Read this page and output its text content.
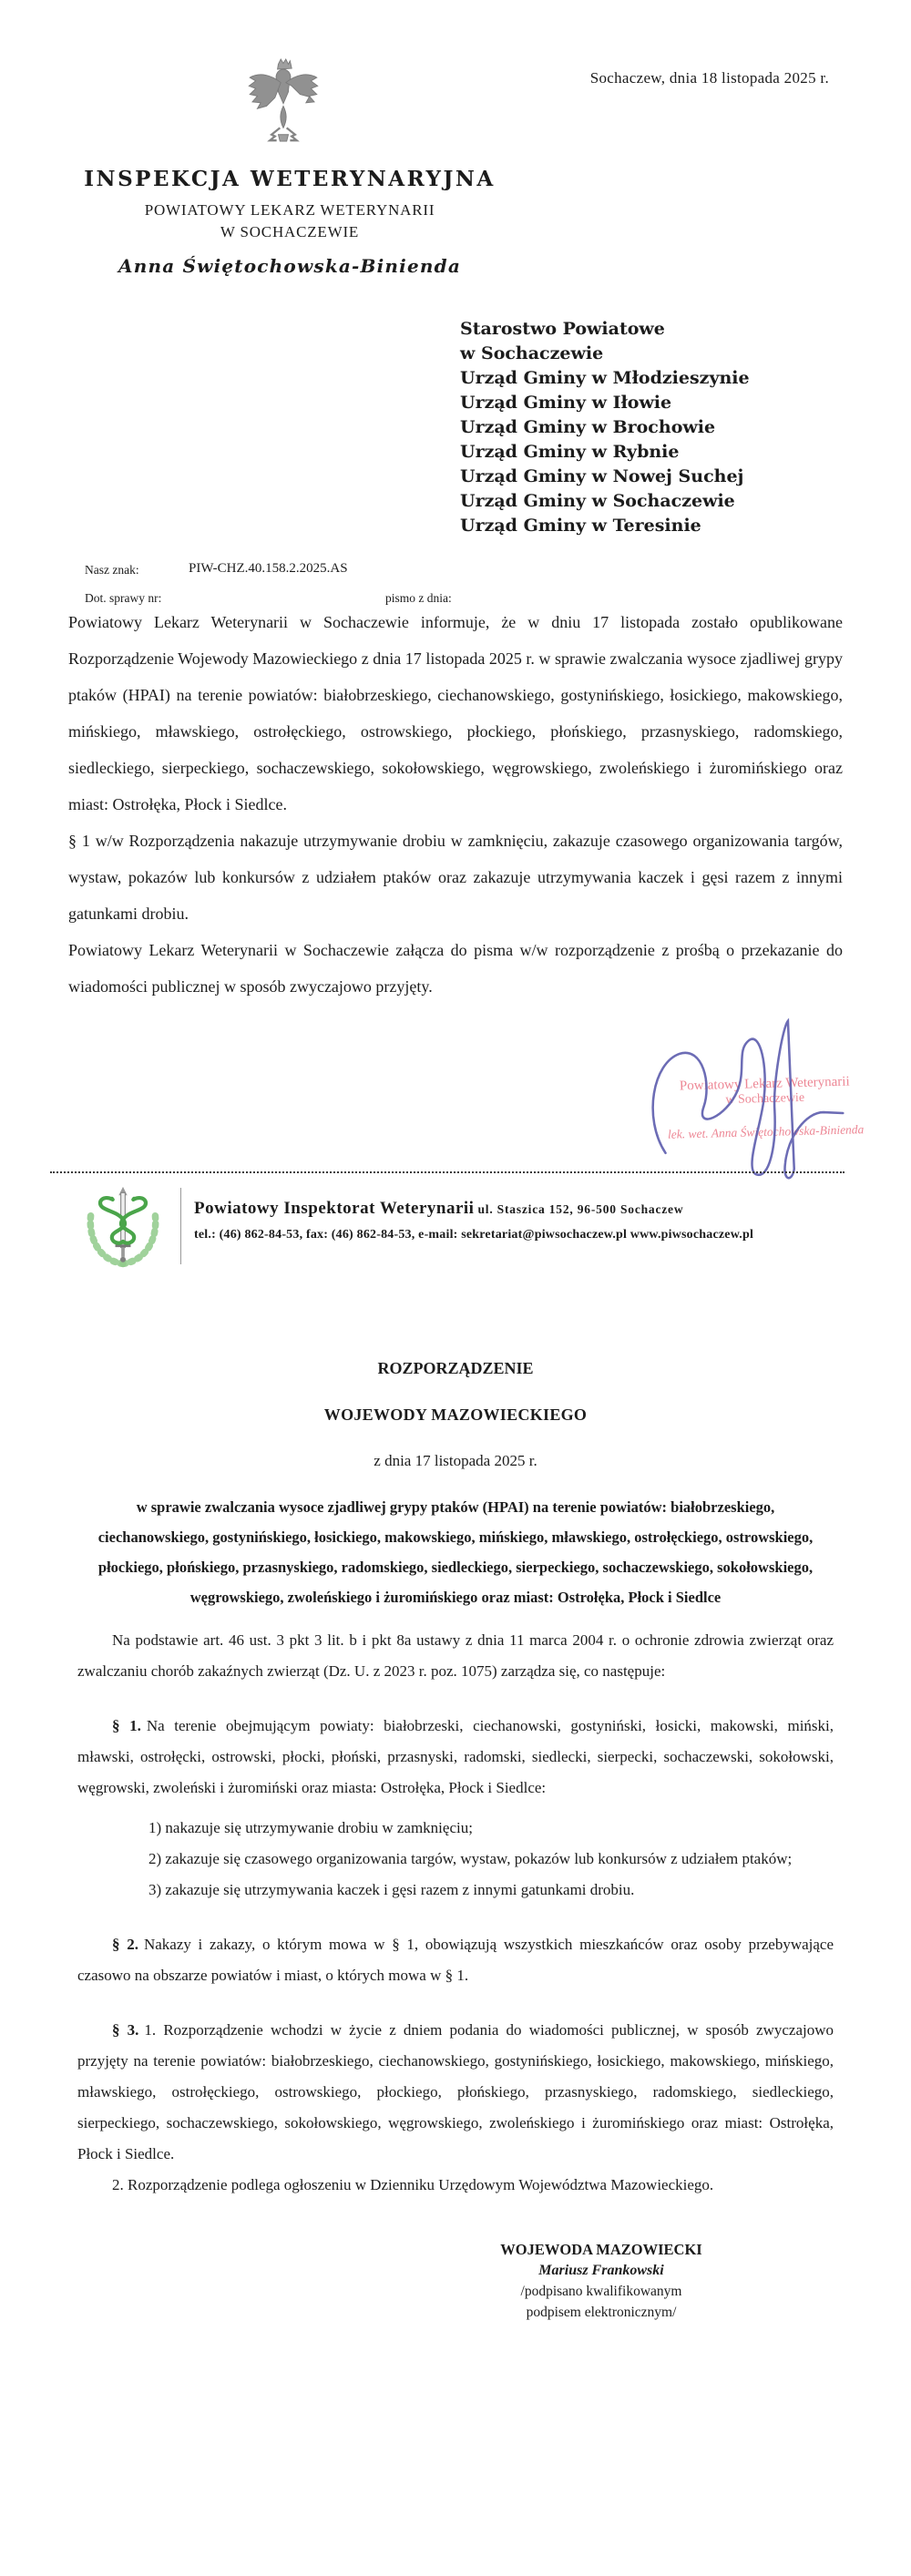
Sochaczew, dnia 18 listopada 2025 r.
INSPEKCJA WETERYNARYJNA
POWIATOWY LEKARZ WETERYNARII
W SOCHACZEWIE
Anna Świętochowska-Binienda
Starostwo Powiatowe
w Sochaczewie
Urząd Gminy w Młodzieszynie
Urząd Gminy w Iłowie
Urząd Gminy w Brochowie
Urząd Gminy w Rybnie
Urząd Gminy w Nowej Suchej
Urząd Gminy w Sochaczewie
Urząd Gminy w Teresinie
Nasz znak:	PIW-CHZ.40.158.2.2025.AS
Dot. sprawy nr:	pismo z dnia:

Powiatowy Lekarz Weterynarii w Sochaczewie informuje, że w dniu 17 listopada zostało opublikowane Rozporządzenie Wojewody Mazowieckiego z dnia 17 listopada 2025 r. w sprawie zwalczania wysoce zjadliwej grypy ptaków (HPAI) na terenie powiatów: białobrzeskiego, ciechanowskiego, gostynińskiego, łosickiego, makowskiego, mińskiego, mławskiego, ostrołęckiego, ostrowskiego, płockiego, płońskiego, przasnyskiego, radomskiego, siedleckiego, sierpeckiego, sochaczewskiego, sokołowskiego, węgrowskiego, zwoleńskiego i żuromińskiego oraz miast: Ostrołęka, Płock i Siedlce.

§ 1 w/w Rozporządzenia nakazuje utrzymywanie drobiu w zamknięciu, zakazuje czasowego organizowania targów, wystaw, pokazów lub konkursów z udziałem ptaków oraz zakazuje utrzymywania kaczek i gęsi razem z innymi gatunkami drobiu.

Powiatowy Lekarz Weterynarii w Sochaczewie załącza do pisma w/w rozporządzenie z prośbą o przekazanie do wiadomości publicznej w sposób zwyczajowo przyjęty.

Powiatowy Lekarz Weterynarii
w Sochaczewie
lek. wet. Anna Świętochowska-Binienda
Powiatowy Inspektorat Weterynarii ul. Staszica 152, 96-500 Sochaczew
tel.: (46) 862-84-53, fax: (46) 862-84-53, e-mail: sekretariat@piwsochaczew.pl www.piwsochaczew.pl

ROZPORZĄDZENIE

WOJEWODY MAZOWIECKIEGO

z dnia 17 listopada 2025 r.

w sprawie zwalczania wysoce zjadliwej grypy ptaków (HPAI) na terenie powiatów: białobrzeskiego, ciechanowskiego, gostynińskiego, łosickiego, makowskiego, mińskiego, mławskiego, ostrołęckiego, ostrowskiego, płockiego, płońskiego, przasnyskiego, radomskiego, siedleckiego, sierpeckiego, sochaczewskiego, sokołowskiego, węgrowskiego, zwoleńskiego i żuromińskiego oraz miast: Ostrołęka, Płock i Siedlce

Na podstawie art. 46 ust. 3 pkt 3 lit. b i pkt 8a ustawy z dnia 11 marca 2004 r. o ochronie zdrowia zwierząt oraz zwalczaniu chorób zakaźnych zwierząt (Dz. U. z 2023 r. poz. 1075) zarządza się, co następuje:

§ 1. Na terenie obejmującym powiaty: białobrzeski, ciechanowski, gostyniński, łosicki, makowski, miński, mławski, ostrołęcki, ostrowski, płocki, płoński, przasnyski, radomski, siedlecki, sierpecki, sochaczewski, sokołowski, węgrowski, zwoleński i żuromiński oraz miasta: Ostrołęka, Płock i Siedlce:

1) nakazuje się utrzymywanie drobiu w zamknięciu;

2) zakazuje się czasowego organizowania targów, wystaw, pokazów lub konkursów z udziałem ptaków;

3) zakazuje się utrzymywania kaczek i gęsi razem z innymi gatunkami drobiu.

§ 2. Nakazy i zakazy, o którym mowa w § 1, obowiązują wszystkich mieszkańców oraz osoby przebywające czasowo na obszarze powiatów i miast, o których mowa w § 1.

§ 3. 1. Rozporządzenie wchodzi w życie z dniem podania do wiadomości publicznej, w sposób zwyczajowo przyjęty na terenie powiatów: białobrzeskiego, ciechanowskiego, gostynińskiego, łosickiego, makowskiego, mińskiego, mławskiego, ostrołęckiego, ostrowskiego, płockiego, płońskiego, przasnyskiego, radomskiego, siedleckiego, sierpeckiego, sochaczewskiego, sokołowskiego, węgrowskiego, zwoleńskiego i żuromińskiego oraz miast: Ostrołęka, Płock i Siedlce.

2. Rozporządzenie podlega ogłoszeniu w Dzienniku Urzędowym Województwa Mazowieckiego.

WOJEWODA MAZOWIECKI
Mariusz Frankowski
/podpisano kwalifikowanym
podpisem elektronicznym/
